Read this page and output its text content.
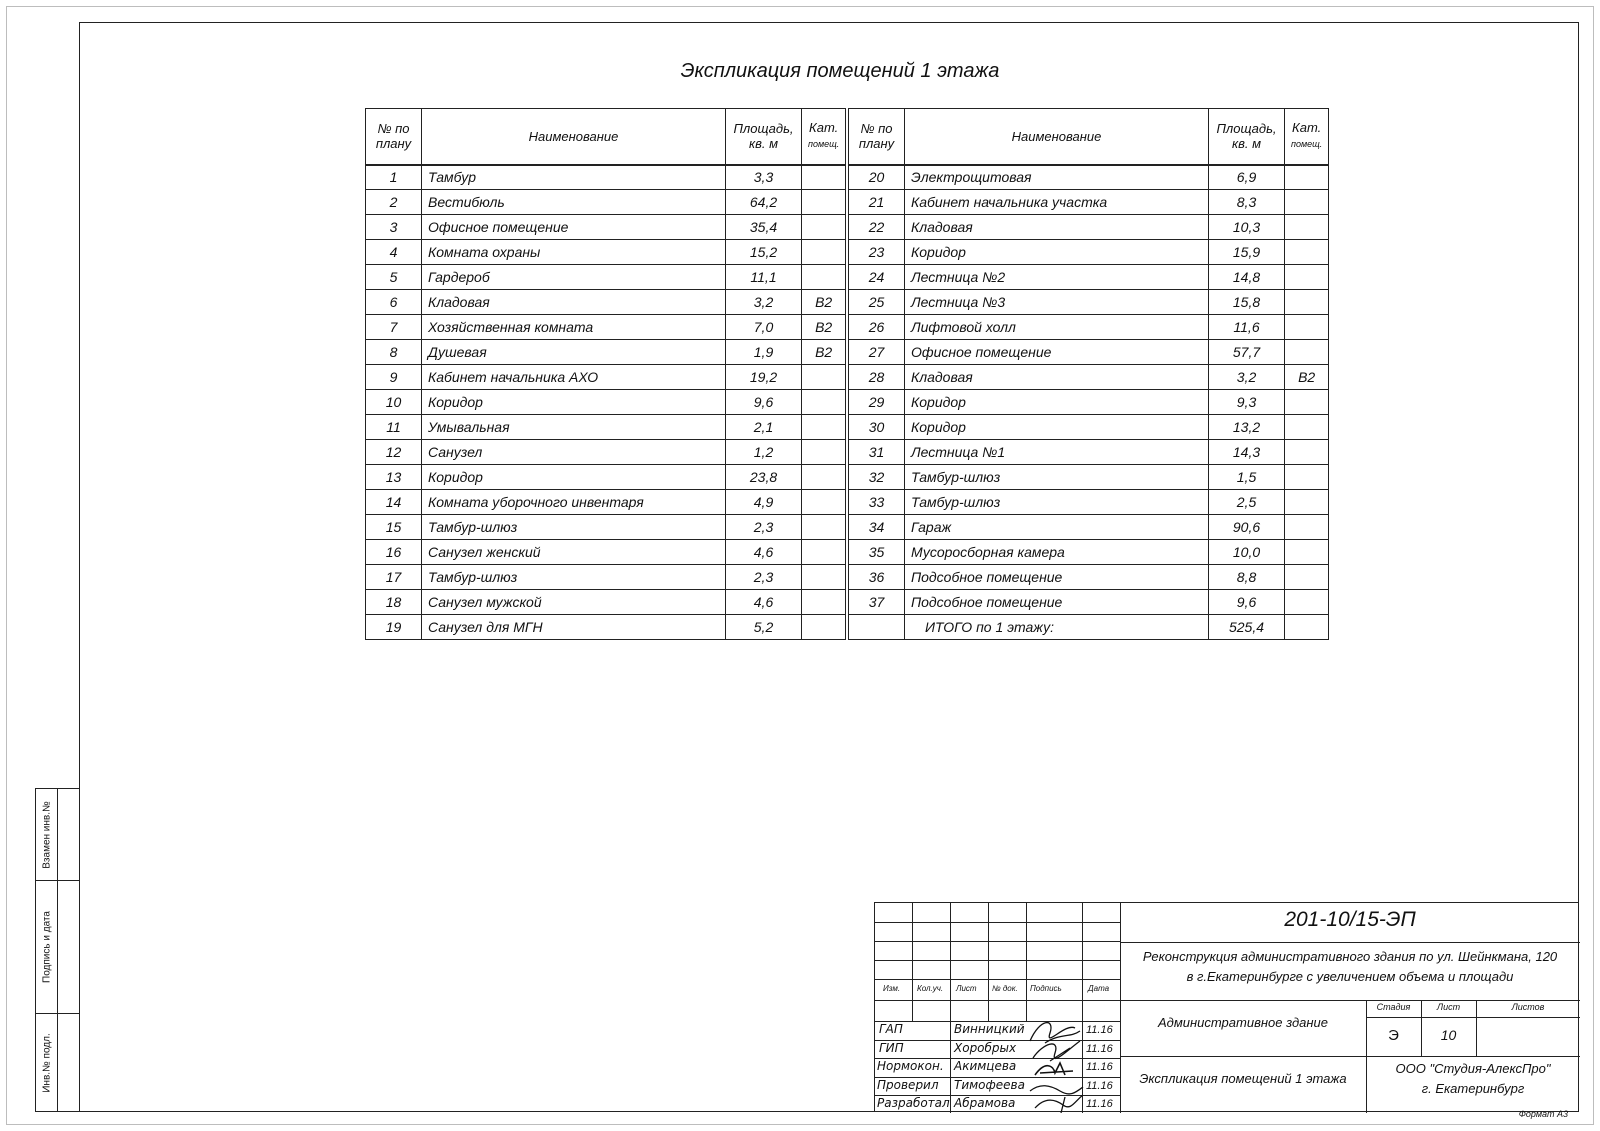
Экспликация помещений 1 этажа
№ по плану	Наименование	Площадь, кв. м	Кат.
помещ.
1	Тамбур	3,3	
2	Вестибюль	64,2	
3	Офисное помещение	35,4	
4	Комната охраны	15,2	
5	Гардероб	11,1	
6	Кладовая	3,2	В2
7	Хозяйственная комната	7,0	В2
8	Душевая	1,9	В2
9	Кабинет начальника АХО	19,2	
10	Коридор	9,6	
11	Умывальная	2,1	
12	Санузел	1,2	
13	Коридор	23,8	
14	Комната уборочного инвентаря	4,9	
15	Тамбур-шлюз	2,3	
16	Санузел женский	4,6	
17	Тамбур-шлюз	2,3	
18	Санузел мужской	4,6	
19	Санузел для МГН	5,2	
№ по плану	Наименование	Площадь, кв. м	Кат.
помещ.
20	Электрощитовая	6,9	
21	Кабинет начальника участка	8,3	
22	Кладовая	10,3	
23	Коридор	15,9	
24	Лестница №2	14,8	
25	Лестница №3	15,8	
26	Лифтовой холл	11,6	
27	Офисное помещение	57,7	
28	Кладовая	3,2	В2
29	Коридор	9,3	
30	Коридор	13,2	
31	Лестница №1	14,3	
32	Тамбур-шлюз	1,5	
33	Тамбур-шлюз	2,5	
34	Гараж	90,6	
35	Мусоросборная камера	10,0	
36	Подсобное помещение	8,8	
37	Подсобное помещение	9,6	
	ИТОГО по 1 этажу:	525,4	
Взамен инв.№
Подпись и дата
Инв.№ подл.
Изм. Кол.уч. Лист № док. Подпись	Дата
ГАП	Винницкий	11.16
ГИП	Хоробрых	11.16
Нормокон. Акимцева	11.16
Проверил Тимофеева	11.16
Разработал Абрамова	11.16
201-10/15-ЭП
Реконструкция административного здания по ул. Шейнкмана, 120
в г.Екатеринбурге с увеличением объема и площади
Административное здание
Экспликация помещений 1 этажа
Стадия	Лист	Листов
Э	10
ООО "Студия-АлексПро"
г. Екатеринбург
Формат А3
